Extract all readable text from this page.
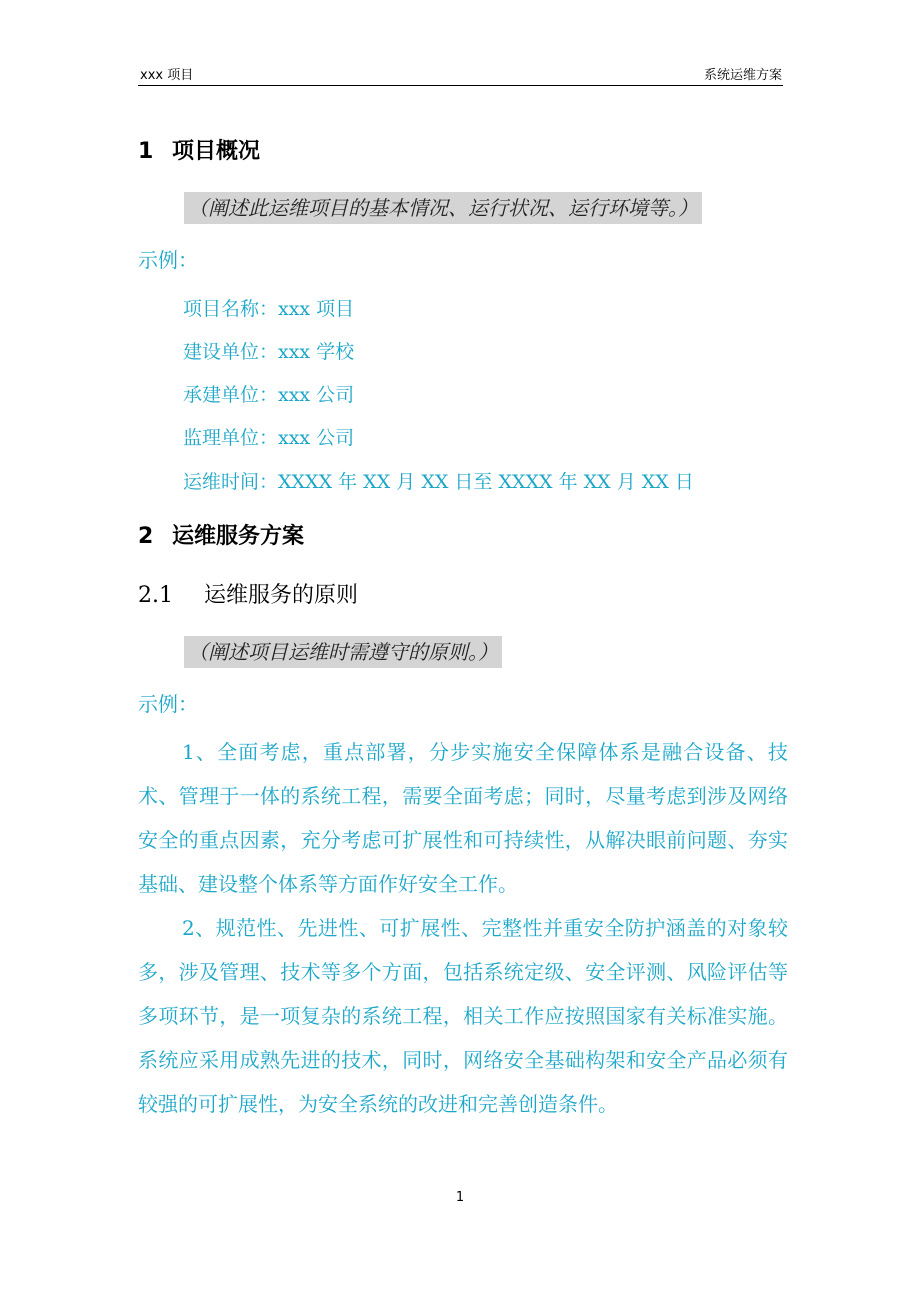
xxx 项目	系统运维方案
1 项目概况
（阐述此运维项目的基本情况、运行状况、运行环境等。）
示例：
项目名称：xxx 项目
建设单位：xxx 学校
承建单位：xxx 公司
监理单位：xxx 公司
运维时间：XXXX 年 XX 月 XX 日至 XXXX 年 XX 月 XX 日
2 运维服务方案
2.1 运维服务的原则
（阐述项目运维时需遵守的原则。）
示例：

1、全面考虑，重点部署，分步实施安全保障体系是融合设备、技术、管理于一体的系统工程，需要全面考虑；同时，尽量考虑到涉及网络安全的重点因素，充分考虑可扩展性和可持续性，从解决眼前问题、夯实基础、建设整个体系等方面作好安全工作。

2、规范性、先进性、可扩展性、完整性并重安全防护涵盖的对象较多，涉及管理、技术等多个方面，包括系统定级、安全评测、风险评估等多项环节，是一项复杂的系统工程，相关工作应按照国家有关标准实施。系统应采用成熟先进的技术，同时，网络安全基础构架和安全产品必须有较强的可扩展性，为安全系统的改进和完善创造条件。

1
